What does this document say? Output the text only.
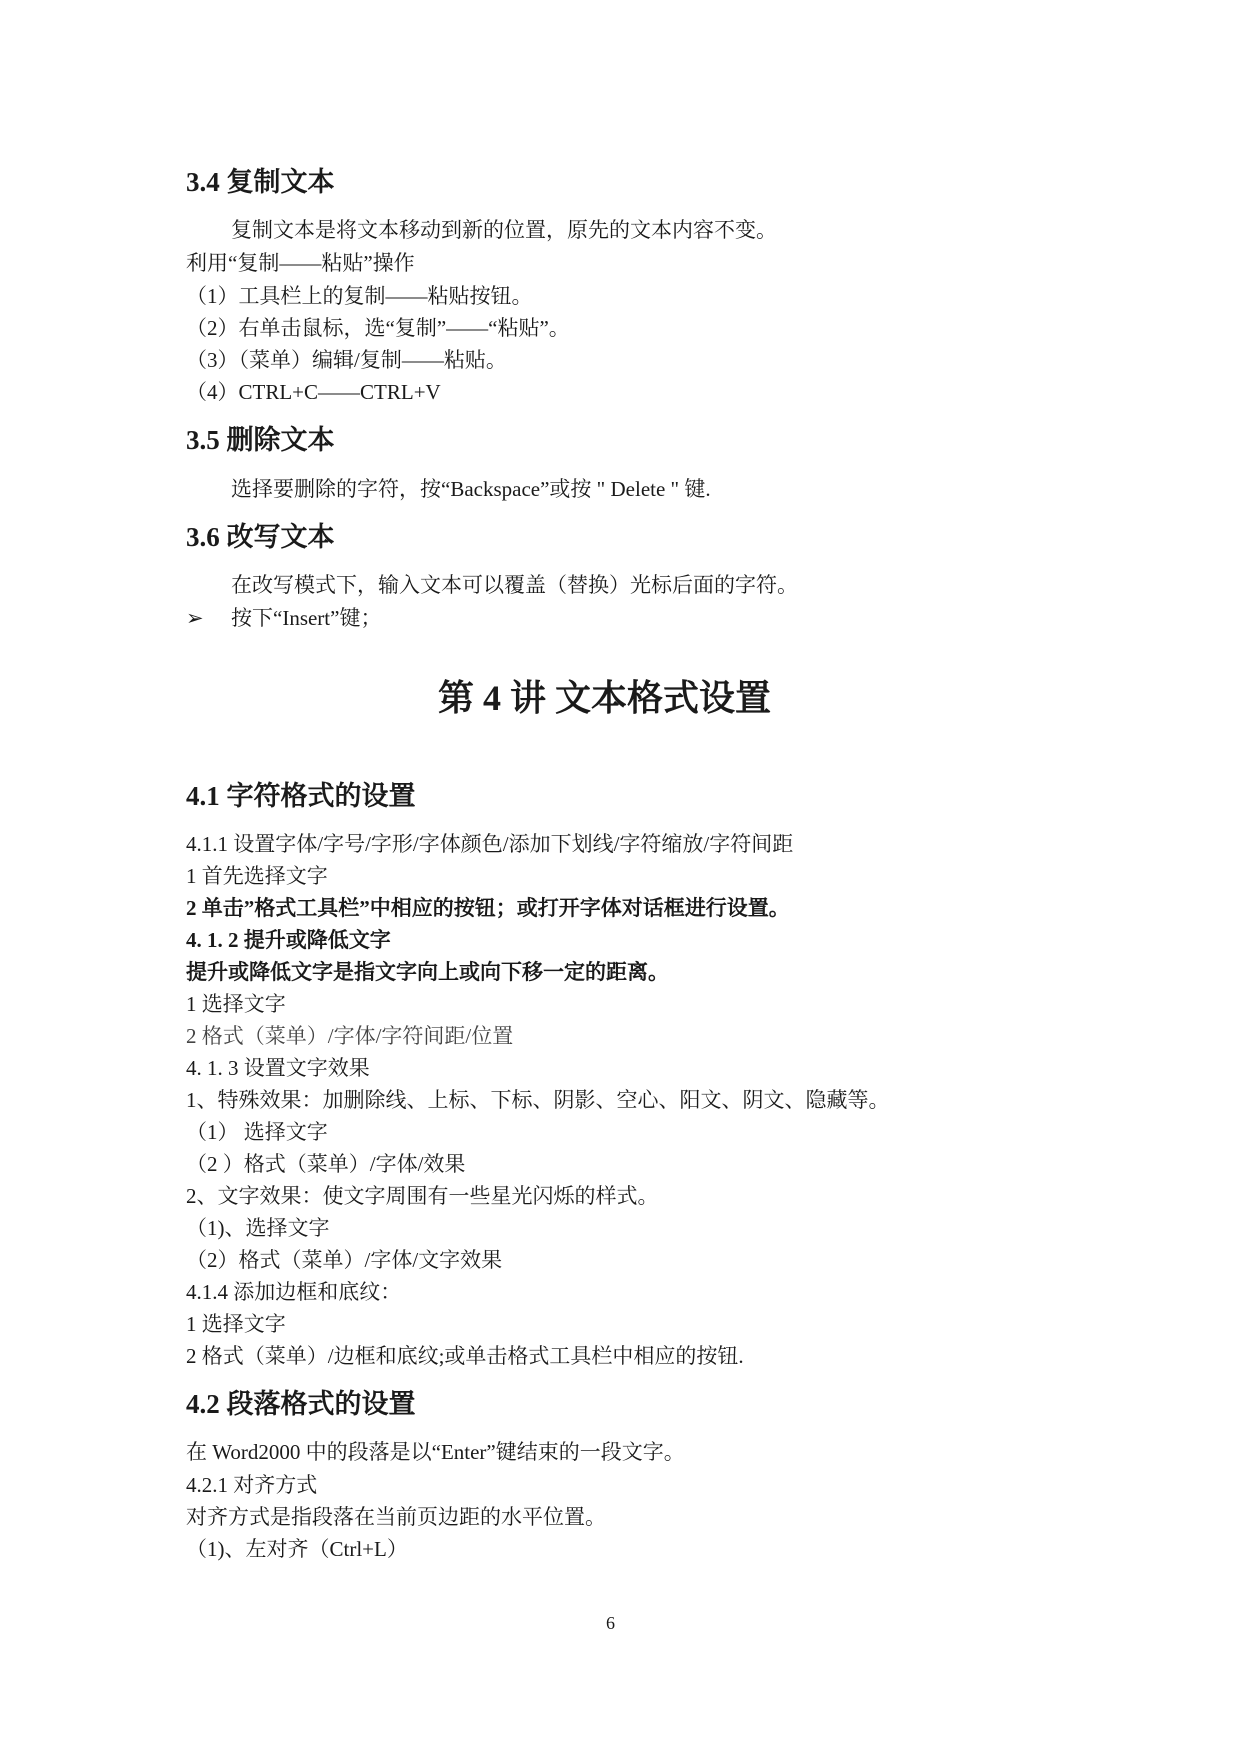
3.4 复制文本
复制文本是将文本移动到新的位置，原先的文本内容不变。
利用“复制——粘贴”操作
（1）工具栏上的复制——粘贴按钮。
（2）右单击鼠标，选“复制”——“粘贴”。
（3）（菜单）编辑/复制——粘贴。
（4）CTRL+C——CTRL+V
3.5 删除文本
选择要删除的字符，按“Backspace”或按 " Delete " 键.
3.6 改写文本
在改写模式下，输入文本可以覆盖（替换）光标后面的字符。
➢ 按下“Insert”键；
第 4 讲 文本格式设置
4.1 字符格式的设置
4.1.1 设置字体/字号/字形/字体颜色/添加下划线/字符缩放/字符间距
1 首先选择文字
2 单击”格式工具栏”中相应的按钮；或打开字体对话框进行设置。
4. 1. 2 提升或降低文字
提升或降低文字是指文字向上或向下移一定的距离。
1 选择文字
2 格式（菜单）/字体/字符间距/位置
4. 1. 3 设置文字效果
1、特殊效果：加删除线、上标、下标、阴影、空心、阳文、阴文、隐藏等。
（1） 选择文字
（2 ）格式（菜单）/字体/效果
2、文字效果：使文字周围有一些星光闪烁的样式。
（1)、选择文字
（2）格式（菜单）/字体/文字效果
4.1.4 添加边框和底纹：
1 选择文字
2 格式（菜单）/边框和底纹;或单击格式工具栏中相应的按钮.
4.2 段落格式的设置
在 Word2000 中的段落是以“Enter”键结束的一段文字。
4.2.1 对齐方式
对齐方式是指段落在当前页边距的水平位置。
（1)、左对齐（Ctrl+L）
6
